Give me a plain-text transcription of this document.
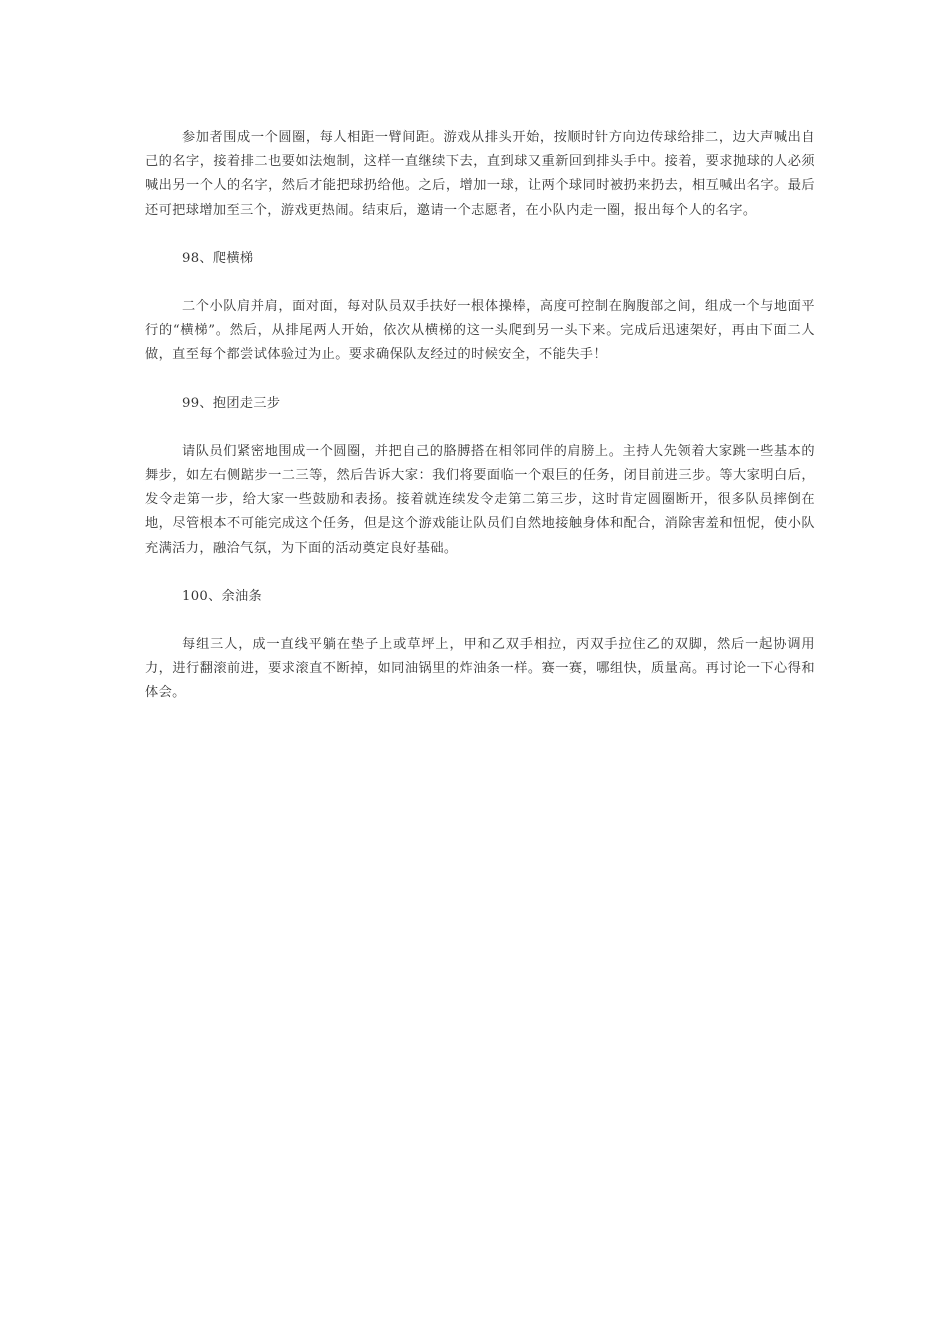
参加者围成一个圆圈，每人相距一臂间距。游戏从排头开始，按顺时针方向边传球给排二，边大声喊出自己的名字，接着排二也要如法炮制，这样一直继续下去，直到球又重新回到排头手中。接着，要求抛球的人必须喊出另一个人的名字，然后才能把球扔给他。之后，增加一球，让两个球同时被扔来扔去，相互喊出名字。最后还可把球增加至三个，游戏更热闹。结束后，邀请一个志愿者，在小队内走一圈，报出每个人的名字。

98、爬横梯

二个小队肩并肩，面对面，每对队员双手扶好一根体操棒，高度可控制在胸腹部之间，组成一个与地面平行的“横梯”。然后，从排尾两人开始，依次从横梯的这一头爬到另一头下来。完成后迅速架好，再由下面二人做，直至每个都尝试体验过为止。要求确保队友经过的时候安全，不能失手！

99、抱团走三步

请队员们紧密地围成一个圆圈，并把自己的胳膊搭在相邻同伴的肩膀上。主持人先领着大家跳一些基本的舞步，如左右侧踮步一二三等，然后告诉大家：我们将要面临一个艰巨的任务，闭目前进三步。等大家明白后，发令走第一步，给大家一些鼓励和表扬。接着就连续发令走第二第三步，这时肯定圆圈断开，很多队员摔倒在地，尽管根本不可能完成这个任务，但是这个游戏能让队员们自然地接触身体和配合，消除害羞和忸怩，使小队充满活力，融洽气氛，为下面的活动奠定良好基础。

100、余油条

每组三人，成一直线平躺在垫子上或草坪上，甲和乙双手相拉，丙双手拉住乙的双脚，然后一起协调用力，进行翻滚前进，要求滚直不断掉，如同油锅里的炸油条一样。赛一赛，哪组快，质量高。再讨论一下心得和体会。
